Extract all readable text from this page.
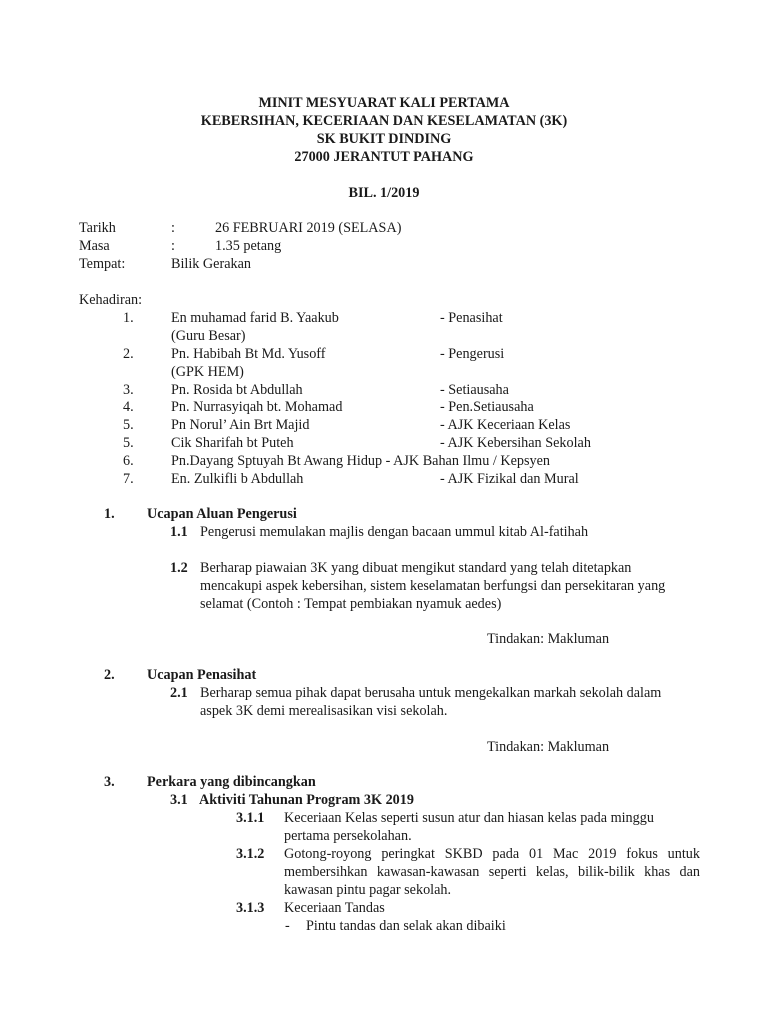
MINIT MESYUARAT KALI PERTAMA
KEBERSIHAN, KECERIAAN DAN KESELAMATAN (3K)
SK BUKIT DINDING
27000 JERANTUT PAHANG
BIL. 1/2019
Tarikh	:	26 FEBRUARI 2019 (SELASA)
Masa	:	1.35 petang
Tempat:	Bilik Gerakan
Kehadiran:
1.	En muhamad farid B. Yaakub	- Penasihat
(Guru Besar)
2.	Pn. Habibah Bt Md. Yusoff	- Pengerusi
(GPK HEM)
3.	Pn. Rosida bt Abdullah	- Setiausaha
4.	Pn. Nurrasyiqah bt. Mohamad	- Pen.Setiausaha
5.	Pn Norul’ Ain Brt Majid	- AJK Keceriaan Kelas
5.	Cik Sharifah bt Puteh	- AJK Kebersihan Sekolah
6.	Pn.Dayang Sptuyah Bt Awang Hidup - AJK Bahan Ilmu / Kepsyen
7.	En. Zulkifli b Abdullah	- AJK Fizikal dan Mural
1. Ucapan Aluan Pengerusi
1.1 Pengerusi memulakan majlis dengan bacaan ummul kitab Al-fatihah
1.2 Berharap piawaian 3K yang dibuat mengikut standard yang telah ditetapkan
mencakupi aspek kebersihan, sistem keselamatan berfungsi dan persekitaran yang
selamat (Contoh : Tempat pembiakan nyamuk aedes)
Tindakan: Makluman
2. Ucapan Penasihat
2.1 Berharap semua pihak dapat berusaha untuk mengekalkan markah sekolah dalam
aspek 3K demi merealisasikan visi sekolah.
Tindakan: Makluman
3. Perkara yang dibincangkan
3.1 Aktiviti Tahunan Program 3K 2019
3.1.1 Keceriaan Kelas seperti susun atur dan hiasan kelas pada minggu
pertama persekolahan.
3.1.2 Gotong-royong peringkat SKBD pada 01 Mac 2019 fokus untuk membersihkan kawasan-kawasan seperti kelas, bilik-bilik khas dan kawasan pintu pagar sekolah.
3.1.3 Keceriaan Tandas
- Pintu tandas dan selak akan dibaiki
